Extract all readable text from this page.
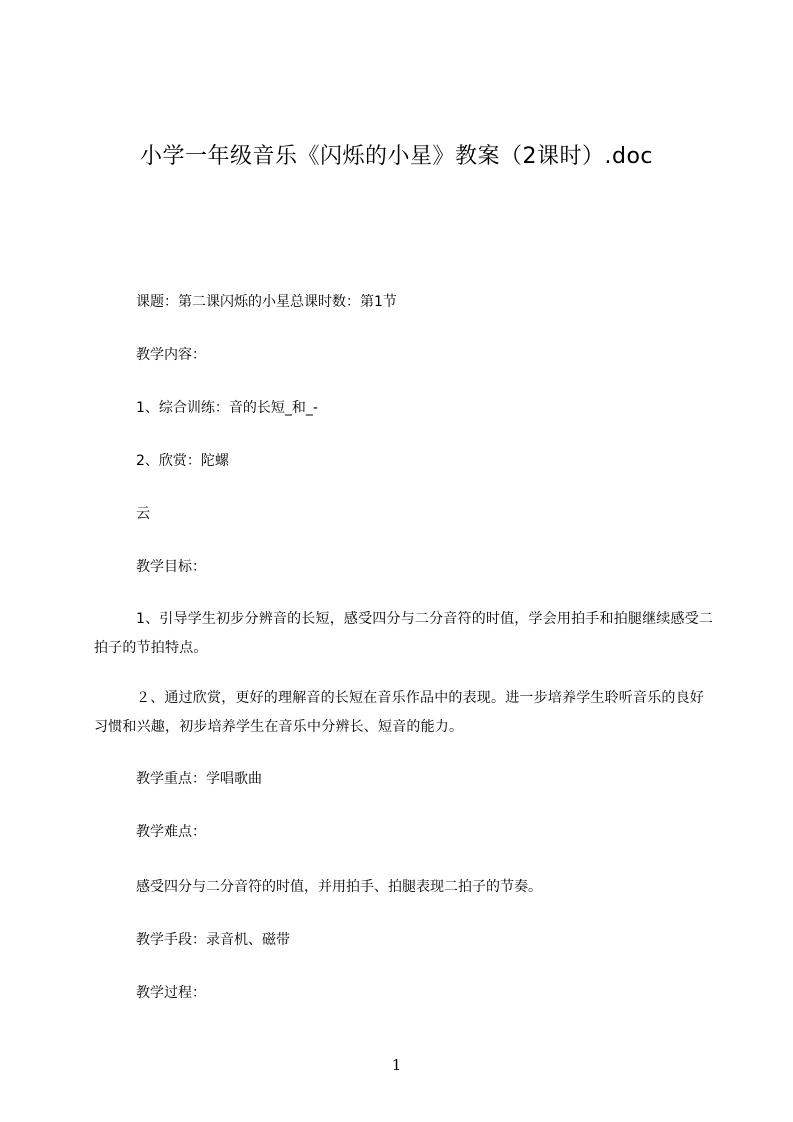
小学一年级音乐《闪烁的小星》教案（2课时）.doc
课题：第二课闪烁的小星总课时数：第1节
教学内容：
1、综合训练：音的长短_和_-
2、欣赏：陀螺
云
教学目标：
1、引导学生初步分辨音的长短，感受四分与二分音符的时值，学会用拍手和拍腿继续感受二拍子的节拍特点。
２、通过欣赏，更好的理解音的长短在音乐作品中的表现。进一步培养学生聆听音乐的良好习惯和兴趣，初步培养学生在音乐中分辨长、短音的能力。
教学重点：学唱歌曲
教学难点：
感受四分与二分音符的时值，并用拍手、拍腿表现二拍子的节奏。
教学手段：录音机、磁带
教学过程：
1
